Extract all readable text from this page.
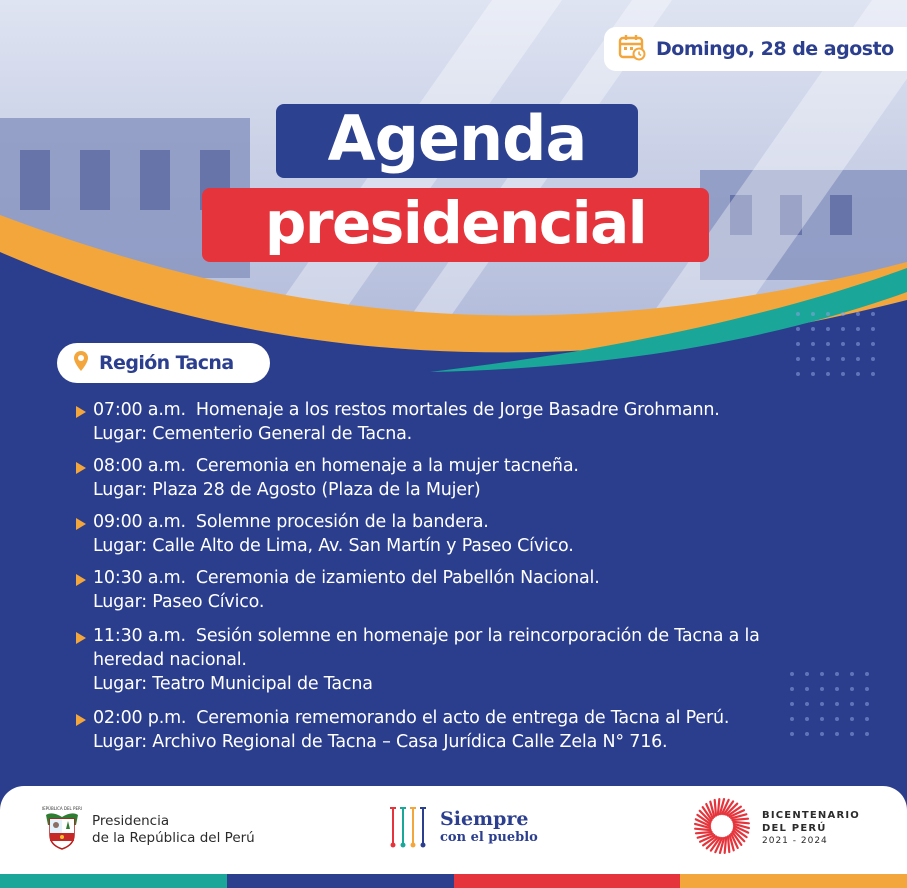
Domingo, 28 de agosto
Agenda
presidencial
Región Tacna
07:00 a.m. Homenaje a los restos mortales de Jorge Basadre Grohmann.
Lugar: Cementerio General de Tacna.
08:00 a.m. Ceremonia en homenaje a la mujer tacneña.
Lugar: Plaza 28 de Agosto (Plaza de la Mujer)
09:00 a.m. Solemne procesión de la bandera.
Lugar: Calle Alto de Lima, Av. San Martín y Paseo Cívico.
10:30 a.m. Ceremonia de izamiento del Pabellón Nacional.
Lugar: Paseo Cívico.
11:30 a.m. Sesión solemne en homenaje por la reincorporación de Tacna a la
heredad nacional.
Lugar: Teatro Municipal de Tacna
02:00 p.m. Ceremonia rememorando el acto de entrega de Tacna al Perú.
Lugar: Archivo Regional de Tacna – Casa Jurídica Calle Zela N° 716.
REPÚBLICA DEL PERÚ
Presidencia
de la República del Perú
Siempre
con el pueblo
BICENTENARIO
DEL PERÚ
2021 - 2024
